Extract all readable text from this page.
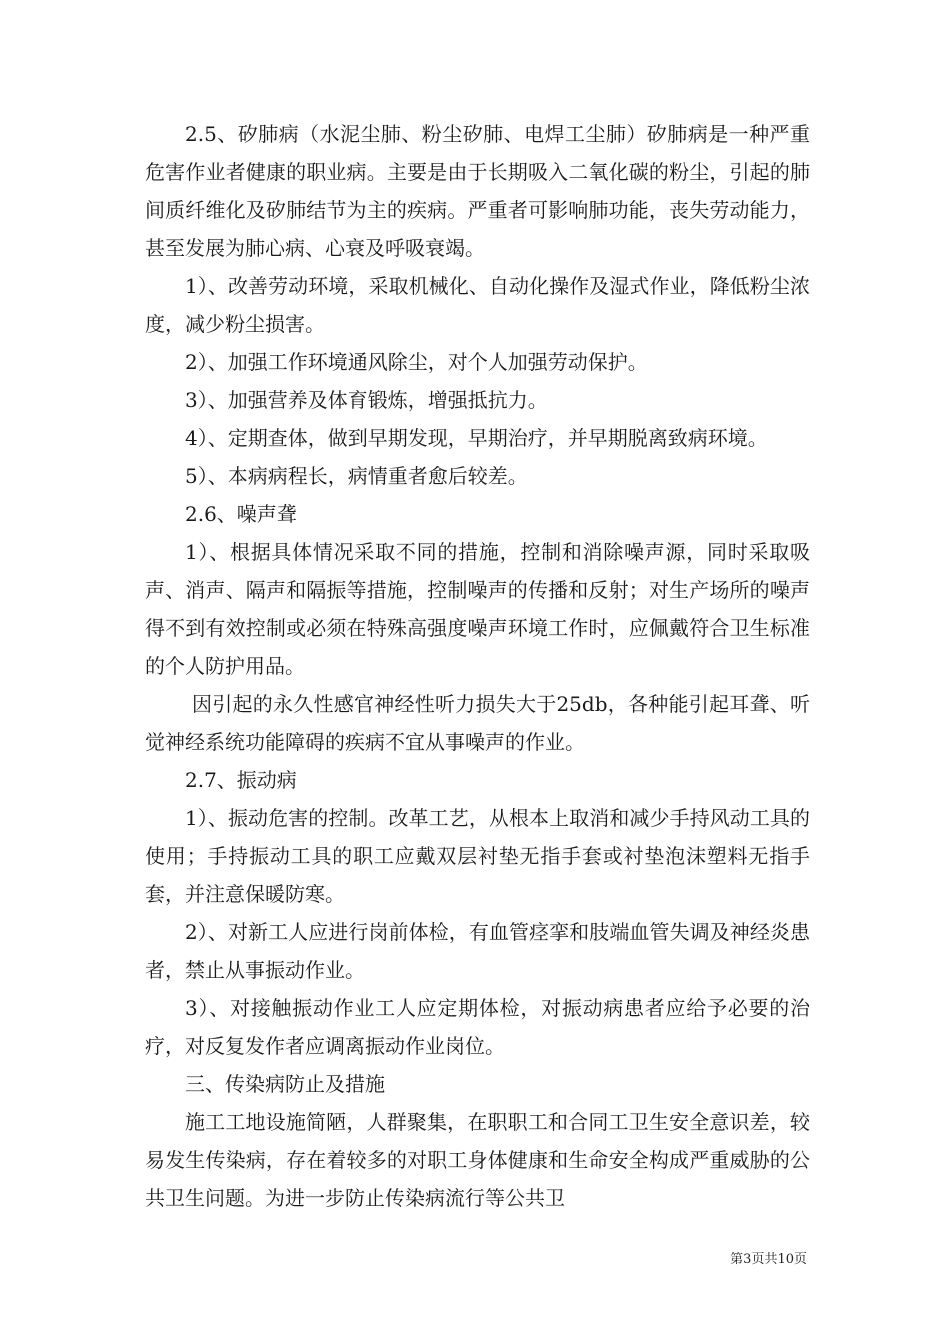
2.5、矽肺病（水泥尘肺、粉尘矽肺、电焊工尘肺）矽肺病是一种严重危害作业者健康的职业病。主要是由于长期吸入二氧化碳的粉尘，引起的肺间质纤维化及矽肺结节为主的疾病。严重者可影响肺功能，丧失劳动能力，甚至发展为肺心病、心衰及呼吸衰竭。

1）、改善劳动环境，采取机械化、自动化操作及湿式作业，降低粉尘浓度，减少粉尘损害。

2）、加强工作环境通风除尘，对个人加强劳动保护。

3）、加强营养及体育锻炼，增强抵抗力。

4）、定期查体，做到早期发现，早期治疗，并早期脱离致病环境。

5）、本病病程长，病情重者愈后较差。

2.6、噪声聋

1）、根据具体情况采取不同的措施，控制和消除噪声源，同时采取吸声、消声、隔声和隔振等措施，控制噪声的传播和反射；对生产场所的噪声得不到有效控制或必须在特殊高强度噪声环境工作时，应佩戴符合卫生标准的个人防护用品。

因引起的永久性感官神经性听力损失大于25db，各种能引起耳聋、听觉神经系统功能障碍的疾病不宜从事噪声的作业。

2.7、振动病

1）、振动危害的控制。改革工艺，从根本上取消和减少手持风动工具的使用；手持振动工具的职工应戴双层衬垫无指手套或衬垫泡沫塑料无指手套，并注意保暖防寒。

2）、对新工人应进行岗前体检，有血管痉挛和肢端血管失调及神经炎患者，禁止从事振动作业。

3）、对接触振动作业工人应定期体检，对振动病患者应给予必要的治疗，对反复发作者应调离振动作业岗位。

三、传染病防止及措施

施工工地设施简陋，人群聚集，在职职工和合同工卫生安全意识差，较易发生传染病，存在着较多的对职工身体健康和生命安全构成严重威胁的公共卫生问题。为进一步防止传染病流行等公共卫

第3页共10页
